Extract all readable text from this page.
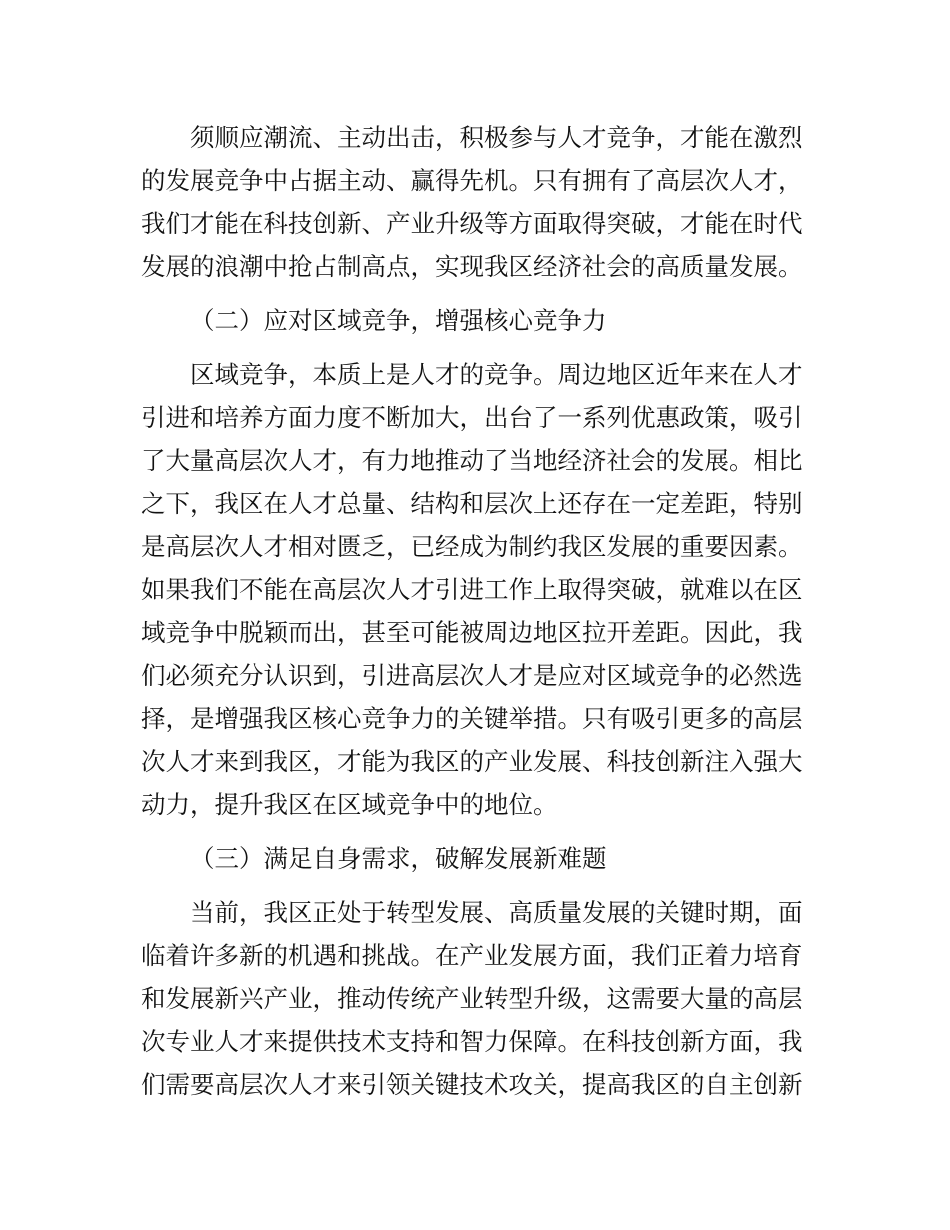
须顺应潮流、主动出击，积极参与人才竞争，才能在激烈
的发展竞争中占据主动、赢得先机。只有拥有了高层次人才，
我们才能在科技创新、产业升级等方面取得突破，才能在时代
发展的浪潮中抢占制高点，实现我区经济社会的高质量发展。
（二）应对区域竞争，增强核心竞争力
区域竞争，本质上是人才的竞争。周边地区近年来在人才
引进和培养方面力度不断加大，出台了一系列优惠政策，吸引
了大量高层次人才，有力地推动了当地经济社会的发展。相比
之下，我区在人才总量、结构和层次上还存在一定差距，特别
是高层次人才相对匮乏，已经成为制约我区发展的重要因素。
如果我们不能在高层次人才引进工作上取得突破，就难以在区
域竞争中脱颖而出，甚至可能被周边地区拉开差距。因此，我
们必须充分认识到，引进高层次人才是应对区域竞争的必然选
择，是增强我区核心竞争力的关键举措。只有吸引更多的高层
次人才来到我区，才能为我区的产业发展、科技创新注入强大
动力，提升我区在区域竞争中的地位。
（三）满足自身需求，破解发展新难题
当前，我区正处于转型发展、高质量发展的关键时期，面
临着许多新的机遇和挑战。在产业发展方面，我们正着力培育
和发展新兴产业，推动传统产业转型升级，这需要大量的高层
次专业人才来提供技术支持和智力保障。在科技创新方面，我
们需要高层次人才来引领关键技术攻关，提高我区的自主创新
